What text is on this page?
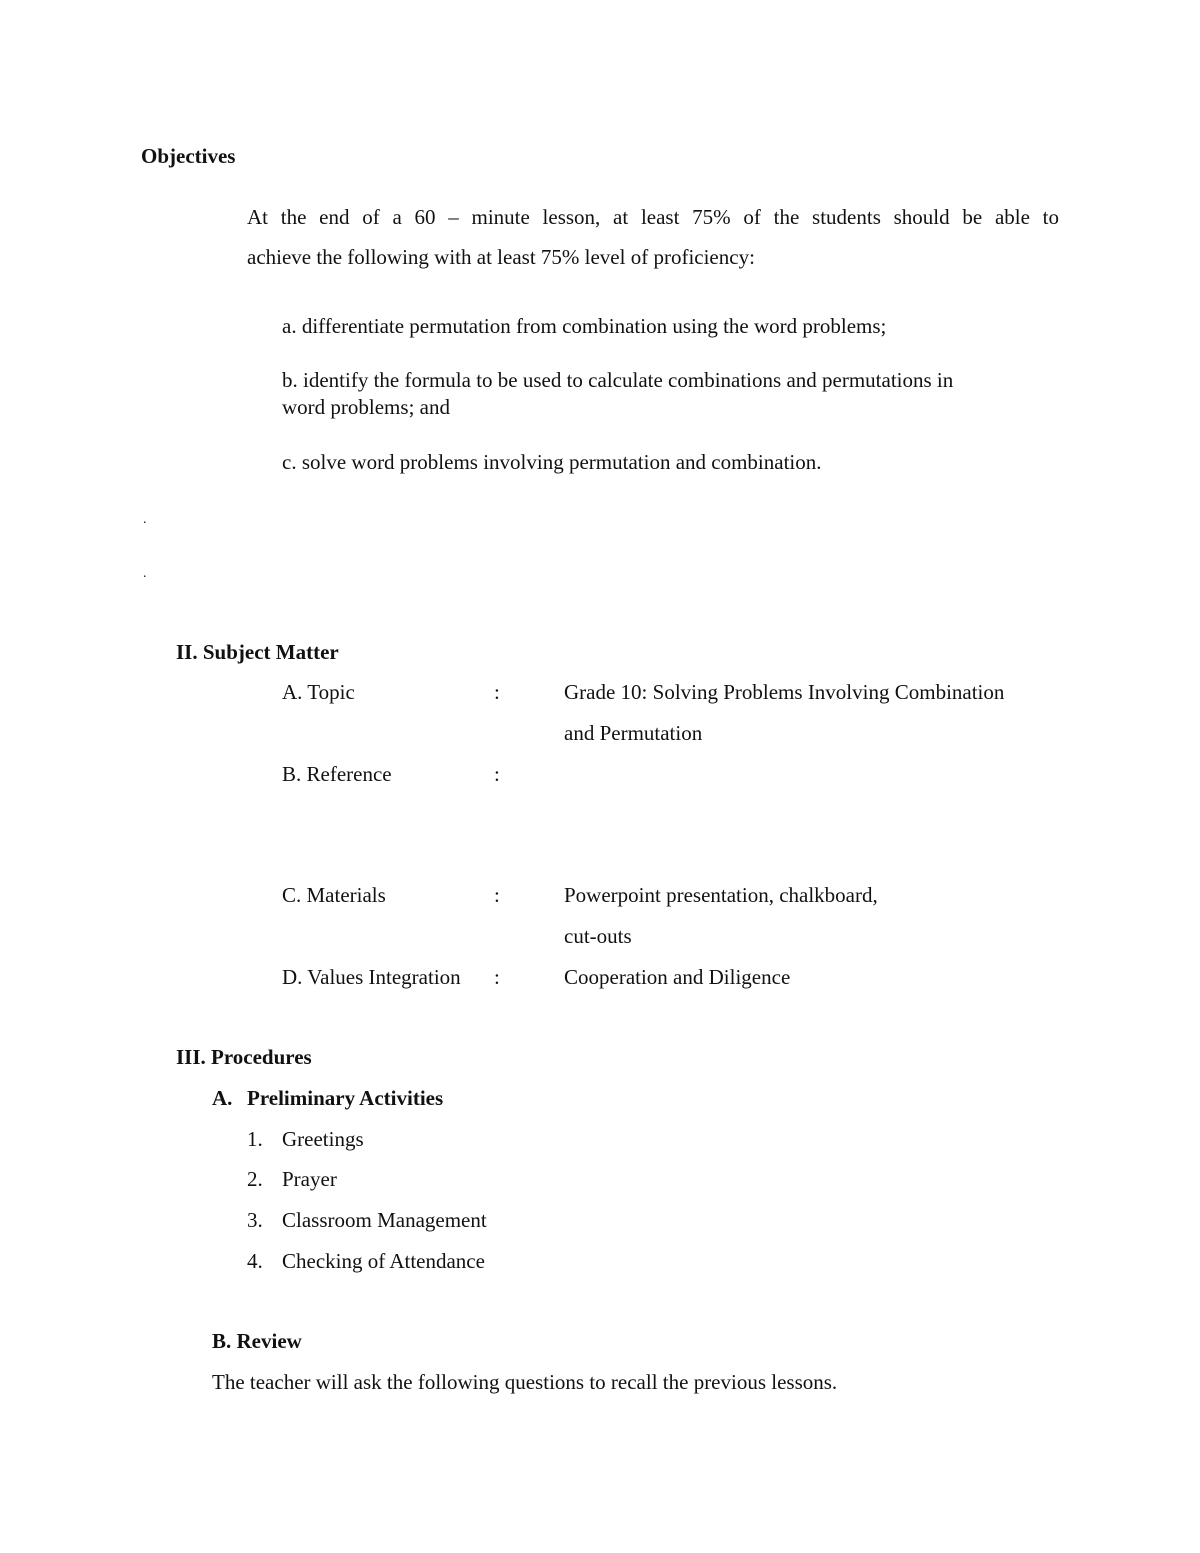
Objectives
At the end of a 60 – minute lesson, at least 75% of the students should be able to
achieve the following with at least 75% level of proficiency:
a. differentiate permutation from combination using the word problems;
b. identify the formula to be used to calculate combinations and permutations in
word problems; and
c. solve word problems involving permutation and combination.
.
.
II. Subject Matter
A. Topic	:	Grade 10: Solving Problems Involving Combination
and Permutation
B. Reference	:
C. Materials	:	Powerpoint presentation, chalkboard,
cut-outs
D. Values Integration :	Cooperation and Diligence
III. Procedures
A. Preliminary Activities
1. Greetings
2. Prayer
3. Classroom Management
4. Checking of Attendance
B. Review
The teacher will ask the following questions to recall the previous lessons.
